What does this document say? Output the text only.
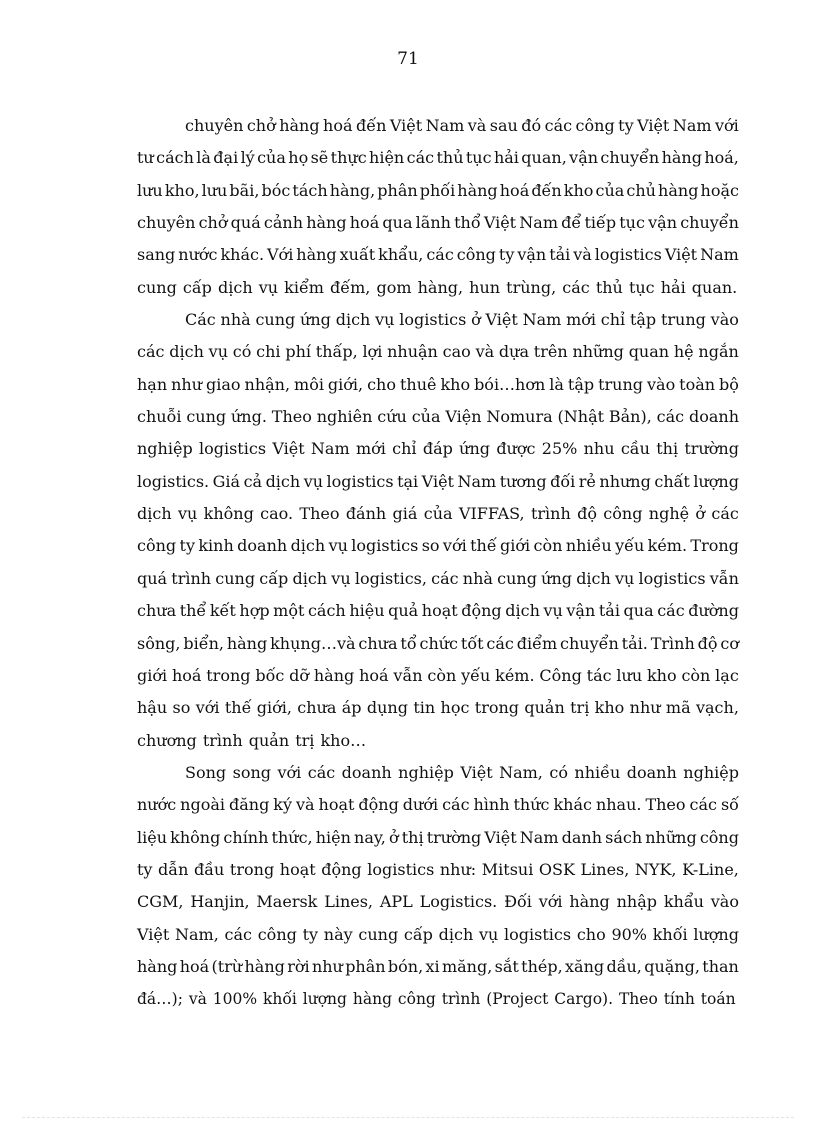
71
chuyên chở hàng hoá đến Việt Nam và sau đó các công ty Việt Nam với
tư cách là đại lý của họ sẽ thực hiện các thủ tục hải quan, vận chuyển hàng hoá,
lưu kho, lưu bãi, bóc tách hàng, phân phối hàng hoá đến kho của chủ hàng hoặc
chuyên chở quá cảnh hàng hoá qua lãnh thổ Việt Nam để tiếp tục vận chuyển
sang nước khác. Với hàng xuất khẩu, các công ty vận tải và logistics Việt Nam
cung cấp dịch vụ kiểm đếm, gom hàng, hun trùng, các thủ tục hải quan.
Các nhà cung ứng dịch vụ logistics ở Việt Nam mới chỉ tập trung vào
các dịch vụ có chi phí thấp, lợi nhuận cao và dựa trên những quan hệ ngắn
hạn như giao nhận, môi giới, cho thuê kho bói…hơn là tập trung vào toàn bộ
chuỗi cung ứng. Theo nghiên cứu của Viện Nomura (Nhật Bản), các doanh
nghiệp logistics Việt Nam mới chỉ đáp ứng được 25% nhu cầu thị trường
logistics. Giá cả dịch vụ logistics tại Việt Nam tương đối rẻ nhưng chất lượng
dịch vụ không cao. Theo đánh giá của VIFFAS, trình độ công nghệ ở các
công ty kinh doanh dịch vụ logistics so với thế giới còn nhiều yếu kém. Trong
quá trình cung cấp dịch vụ logistics, các nhà cung ứng dịch vụ logistics vẫn
chưa thể kết hợp một cách hiệu quả hoạt động dịch vụ vận tải qua các đường
sông, biển, hàng khụng…và chưa tổ chức tốt các điểm chuyển tải. Trình độ cơ
giới hoá trong bốc dỡ hàng hoá vẫn còn yếu kém. Công tác lưu kho còn lạc
hậu so với thế giới, chưa áp dụng tin học trong quản trị kho như mã vạch,
chương trình quản trị kho…
Song song với các doanh nghiệp Việt Nam, có nhiều doanh nghiệp
nước ngoài đăng ký và hoạt động dưới các hình thức khác nhau. Theo các số
liệu không chính thức, hiện nay, ở thị trường Việt Nam danh sách những công
ty dẫn đầu trong hoạt động logistics như: Mitsui OSK Lines, NYK, K-Line,
CGM, Hanjin, Maersk Lines, APL Logistics. Đối với hàng nhập khẩu vào
Việt Nam, các công ty này cung cấp dịch vụ logistics cho 90% khối lượng
hàng hoá (trừ hàng rời như phân bón, xi măng, sắt thép, xăng dầu, quặng, than
đá…); và 100% khối lượng hàng công trình (Project Cargo). Theo tính toán
